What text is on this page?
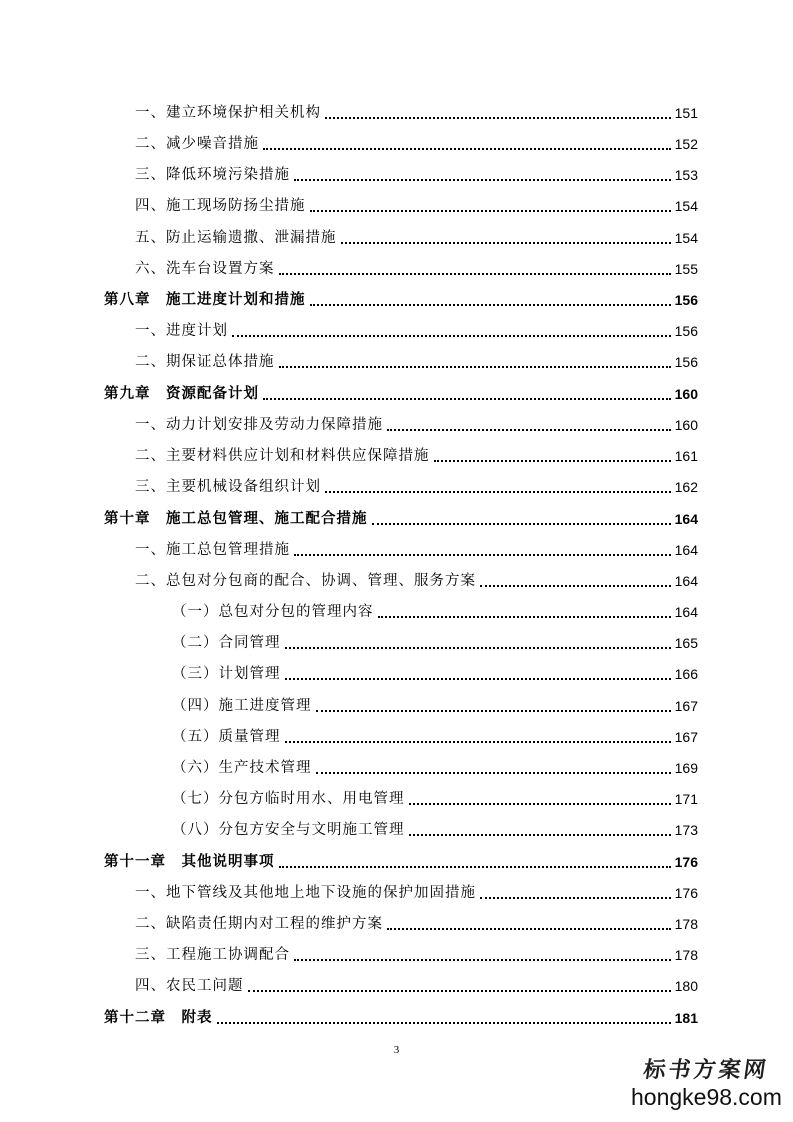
一、建立环境保护相关机构	151
二、减少噪音措施	152
三、降低环境污染措施	153
四、施工现场防扬尘措施	154
五、防止运输遗撒、泄漏措施	154
六、洗车台设置方案	155
第八章　施工进度计划和措施	156
一、进度计划	156
二、期保证总体措施	156
第九章　资源配备计划	160
一、动力计划安排及劳动力保障措施	160
二、主要材料供应计划和材料供应保障措施	161
三、主要机械设备组织计划	162
第十章　施工总包管理、施工配合措施	164
一、施工总包管理措施	164
二、总包对分包商的配合、协调、管理、服务方案	164
（一）总包对分包的管理内容	164
（二）合同管理	165
（三）计划管理	166
（四）施工进度管理	167
（五）质量管理	167
（六）生产技术管理	169
（七）分包方临时用水、用电管理	171
（八）分包方安全与文明施工管理	173
第十一章　其他说明事项	176
一、地下管线及其他地上地下设施的保护加固措施	176
二、缺陷责任期内对工程的维护方案	178
三、工程施工协调配合	178
四、农民工问题	180
第十二章　附表	181
3
标书方案网
hongke98.com
